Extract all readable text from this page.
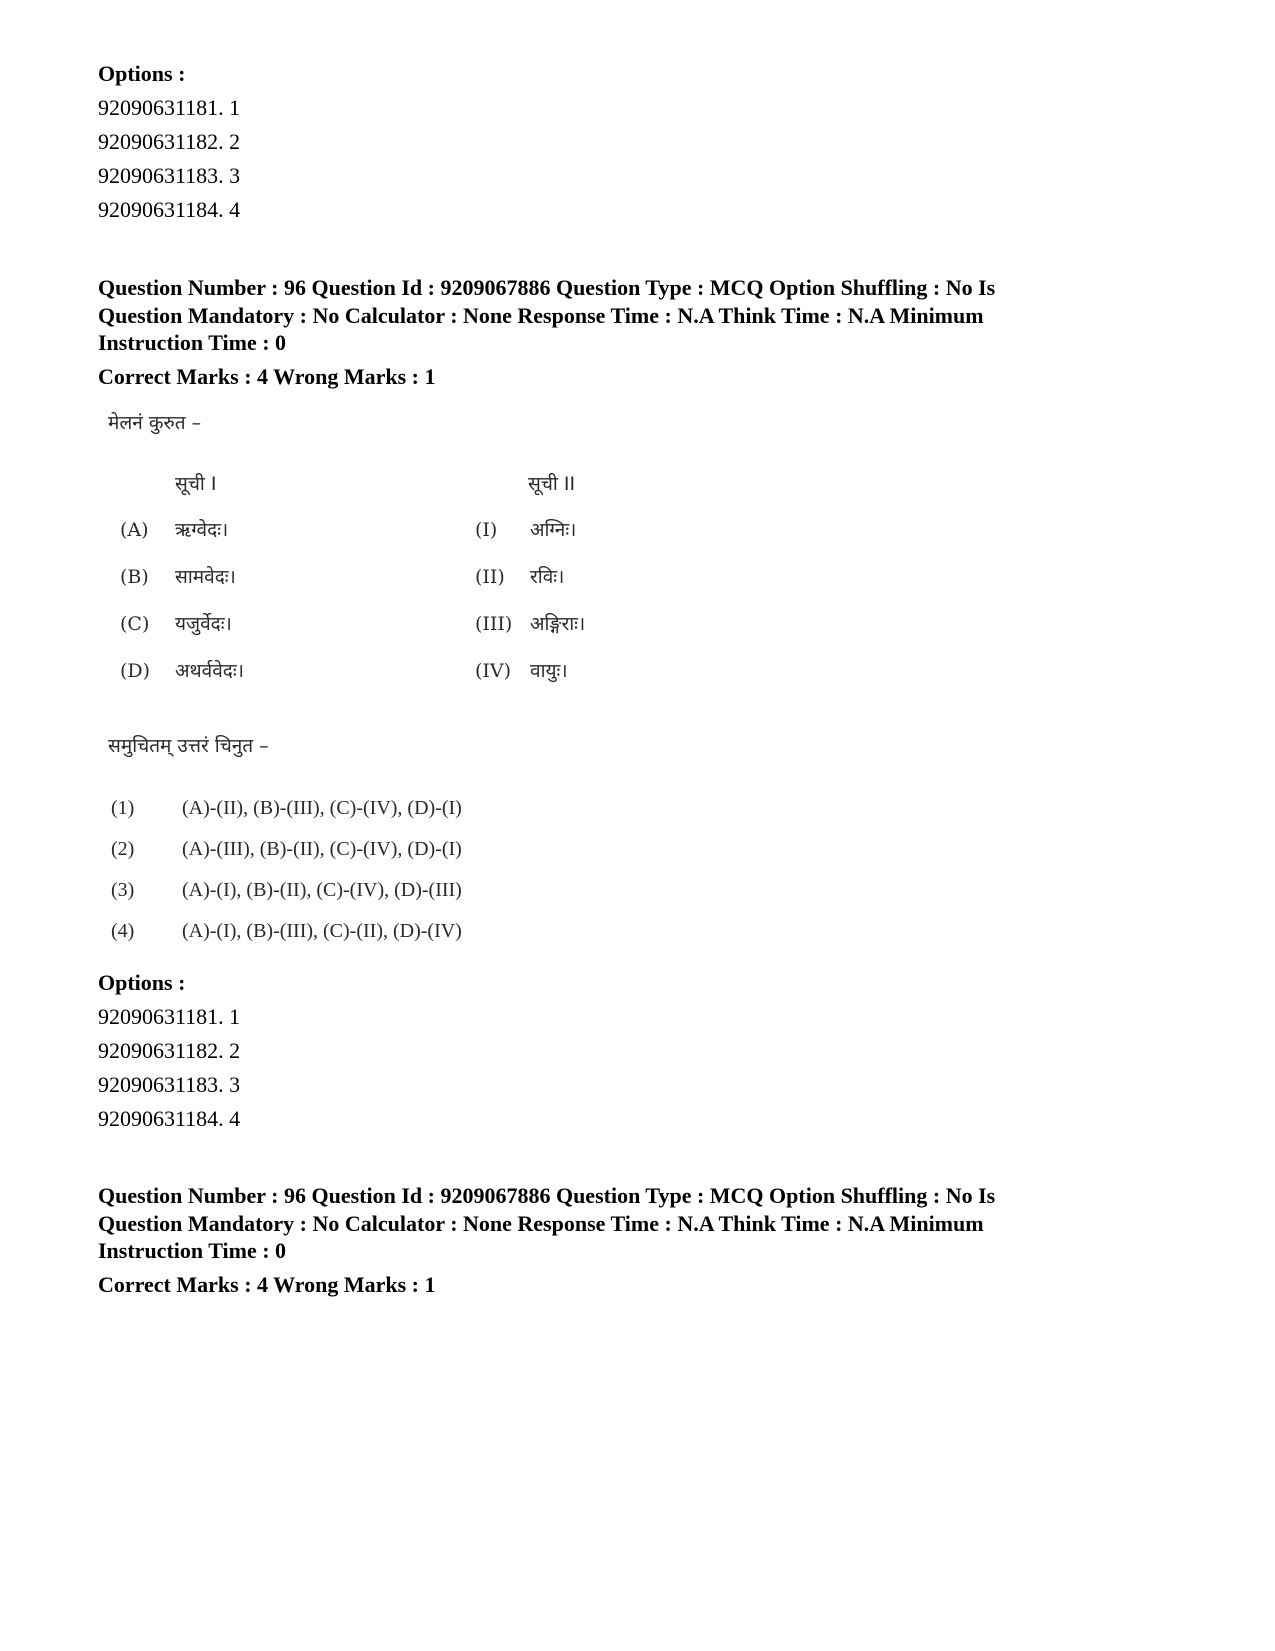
Options :
92090631181. 1
92090631182. 2
92090631183. 3
92090631184. 4
Question Number : 96 Question Id : 9209067886 Question Type : MCQ Option Shuffling : No Is
Question Mandatory : No Calculator : None Response Time : N.A Think Time : N.A Minimum
Instruction Time : 0
Correct Marks : 4 Wrong Marks : 1
मेलनं कुरुत –
सूची I	सूची II
(A) ऋग्वेदः।	(I) अग्निः।
(B) सामवेदः।	(II) रविः।
(C) यजुर्वेदः।	(III) अङ्गिराः।
(D) अथर्ववेदः।	(IV) वायुः।
समुचितम् उत्तरं चिनुत –
(1) (A)-(II), (B)-(III), (C)-(IV), (D)-(I)
(2) (A)-(III), (B)-(II), (C)-(IV), (D)-(I)
(3) (A)-(I), (B)-(II), (C)-(IV), (D)-(III)
(4) (A)-(I), (B)-(III), (C)-(II), (D)-(IV)
Options :
92090631181. 1
92090631182. 2
92090631183. 3
92090631184. 4
Question Number : 96 Question Id : 9209067886 Question Type : MCQ Option Shuffling : No Is
Question Mandatory : No Calculator : None Response Time : N.A Think Time : N.A Minimum
Instruction Time : 0
Correct Marks : 4 Wrong Marks : 1
